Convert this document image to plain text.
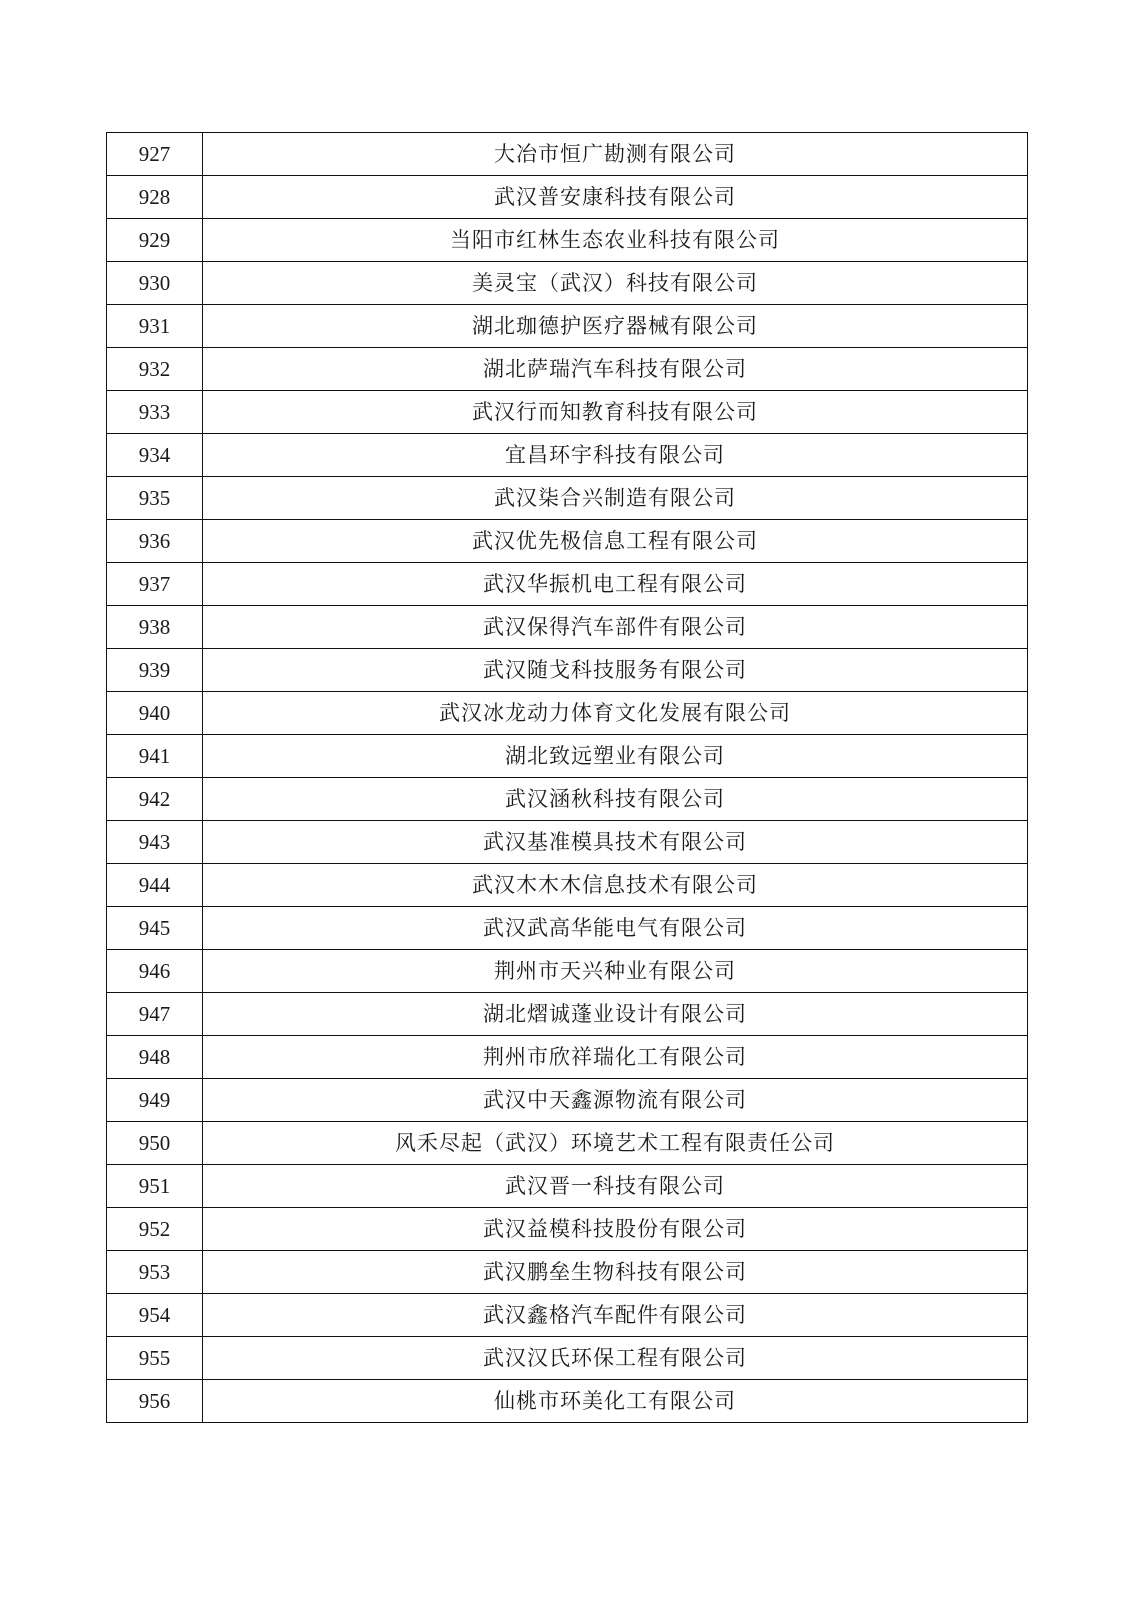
927	大冶市恒广勘测有限公司
928	武汉普安康科技有限公司
929	当阳市红林生态农业科技有限公司
930	美灵宝（武汉）科技有限公司
931	湖北珈德护医疗器械有限公司
932	湖北萨瑞汽车科技有限公司
933	武汉行而知教育科技有限公司
934	宜昌环宇科技有限公司
935	武汉柒合兴制造有限公司
936	武汉优先极信息工程有限公司
937	武汉华振机电工程有限公司
938	武汉保得汽车部件有限公司
939	武汉随戈科技服务有限公司
940	武汉冰龙动力体育文化发展有限公司
941	湖北致远塑业有限公司
942	武汉涵秋科技有限公司
943	武汉基准模具技术有限公司
944	武汉木木木信息技术有限公司
945	武汉武高华能电气有限公司
946	荆州市天兴种业有限公司
947	湖北熠诚蓬业设计有限公司
948	荆州市欣祥瑞化工有限公司
949	武汉中天鑫源物流有限公司
950	风禾尽起（武汉）环境艺术工程有限责任公司
951	武汉晋一科技有限公司
952	武汉益模科技股份有限公司
953	武汉鹏垒生物科技有限公司
954	武汉鑫格汽车配件有限公司
955	武汉汉氏环保工程有限公司
956	仙桃市环美化工有限公司
